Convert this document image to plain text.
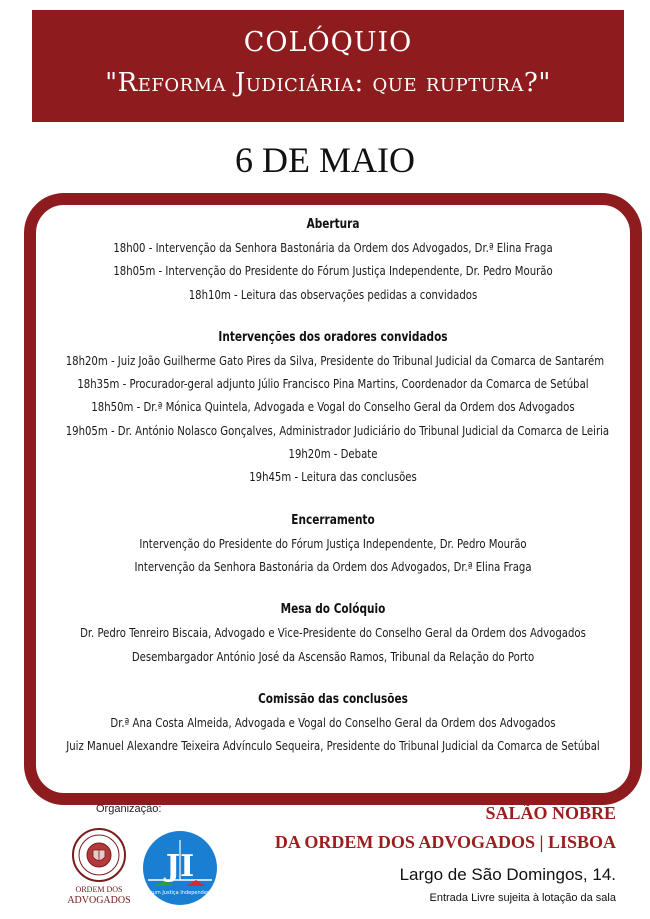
COLÓQUIO
"Reforma Judiciária: que ruptura?"
6 DE MAIO
Abertura
18h00 - Intervenção da Senhora Bastonária da Ordem dos Advogados, Dr.ª Elina Fraga
18h05m - Intervenção do Presidente do Fórum Justiça Independente, Dr. Pedro Mourão
18h10m - Leitura das observações pedidas a convidados
Intervenções dos oradores convidados
18h20m - Juiz João Guilherme Gato Pires da Silva, Presidente do Tribunal Judicial da Comarca de Santarém
18h35m - Procurador-geral adjunto Júlio Francisco Pina Martins, Coordenador da Comarca de Setúbal
18h50m - Dr.ª Mónica Quintela, Advogada e Vogal do Conselho Geral da Ordem dos Advogados
19h05m - Dr. António Nolasco Gonçalves, Administrador Judiciário do Tribunal Judicial da Comarca de Leiria
19h20m - Debate
19h45m - Leitura das conclusões
Encerramento
Intervenção do Presidente do Fórum Justiça Independente, Dr. Pedro Mourão
Intervenção da Senhora Bastonária da Ordem dos Advogados, Dr.ª Elina Fraga
Mesa do Colóquio
Dr. Pedro Tenreiro Biscaia, Advogado e Vice-Presidente do Conselho Geral da Ordem dos Advogados
Desembargador António José da Ascensão Ramos, Tribunal da Relação do Porto
Comissão das conclusões
Dr.ª Ana Costa Almeida, Advogada e Vogal do Conselho Geral da Ordem dos Advogados
Juiz Manuel Alexandre Teixeira Advínculo Sequeira, Presidente do Tribunal Judicial da Comarca de Setúbal
Organização:
ORDEM DOS
ADVOGADOS
JI
Fórum Justiça Independente
SALÃO NOBRE
DA ORDEM DOS ADVOGADOS | LISBOA
Largo de São Domingos, 14.
Entrada Livre sujeita à lotação da sala
